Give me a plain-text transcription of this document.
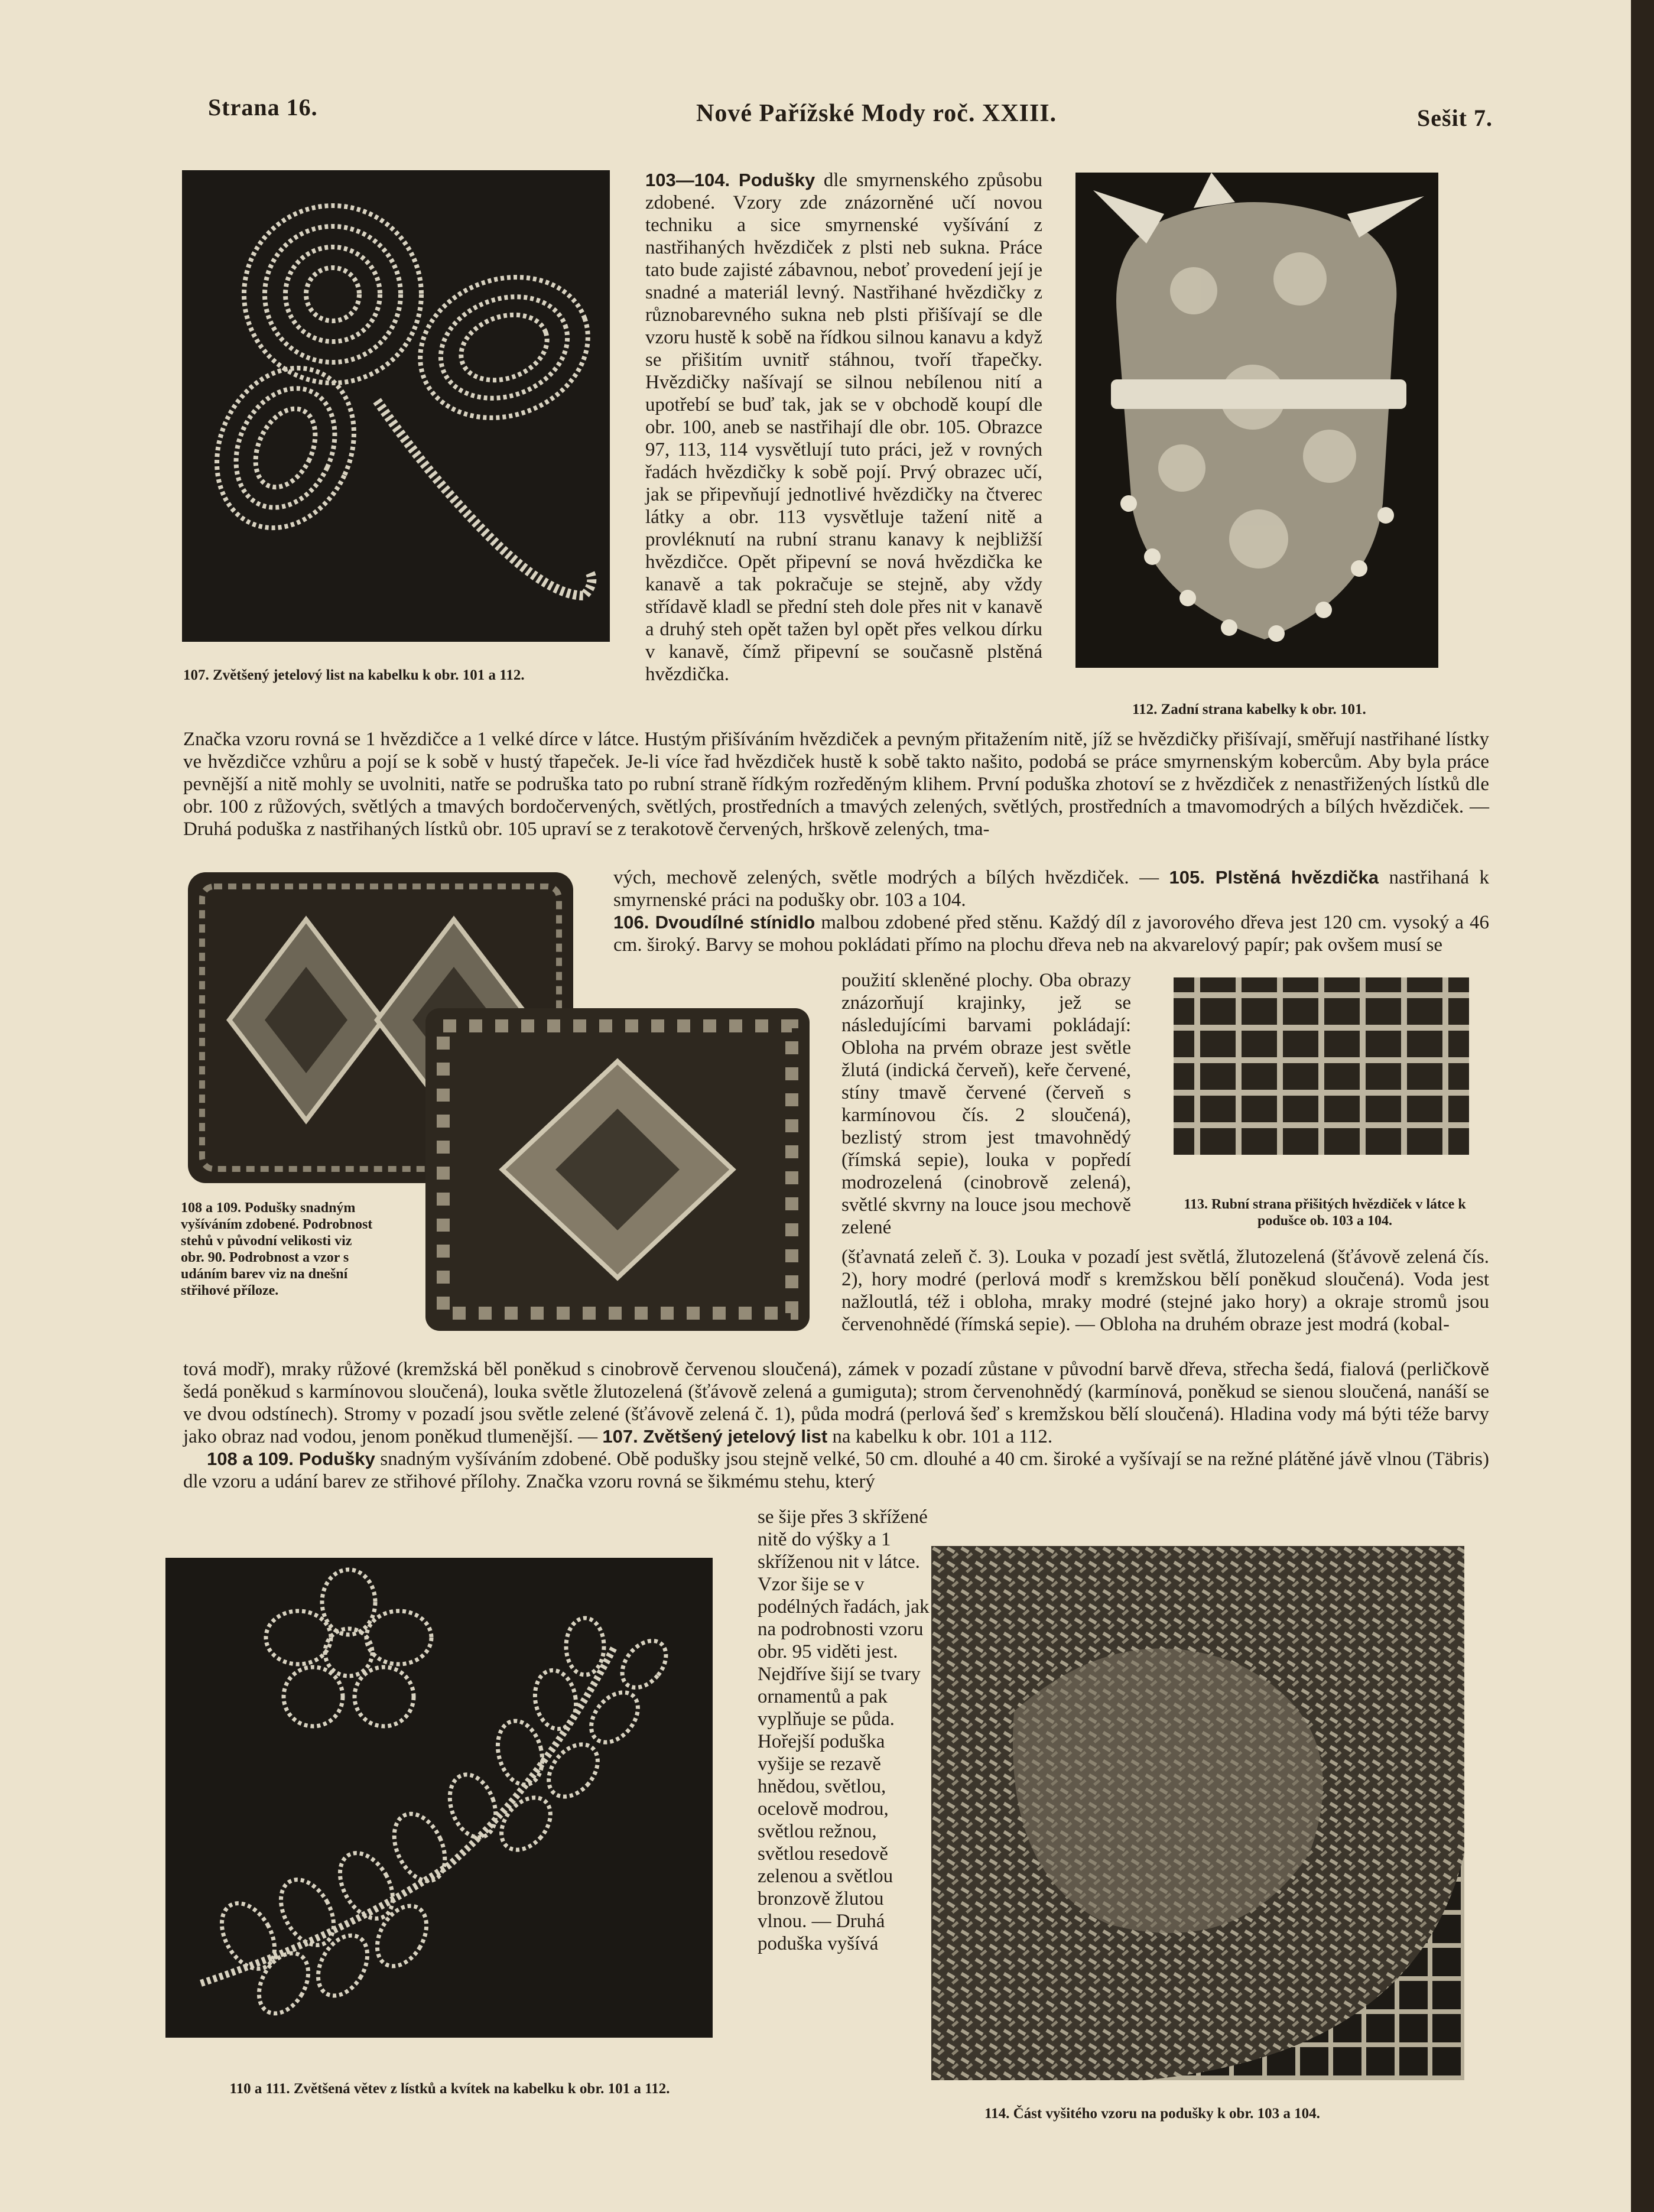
Strana 16.	Nové Pařížské Mody roč. XXIII.	Sešit 7.
107. Zvětšený jetelový list na kabelku k obr. 101 a 112.
112. Zadní strana kabelky k obr. 101.

103—104. Podušky dle smyrnenského způsobu zdobené. Vzory zde znázorněné učí novou techniku a sice smyrnenské vyšívání z nastřihaných hvězdiček z plsti neb sukna. Práce tato bude zajisté zábavnou, neboť provedení její je snadné a materiál levný. Nastřihané hvězdičky z různobarevného sukna neb plsti přišívají se dle vzoru hustě k sobě na řídkou silnou kanavu a když se přišitím uvnitř stáhnou, tvoří třapečky. Hvězdičky našívají se silnou nebílenou nití a upotřebí se buď tak, jak se v obchodě koupí dle obr. 100, aneb se nastřihají dle obr. 105. Obrazce 97, 113, 114 vysvětlují tuto práci, jež v rovných řadách hvězdičky k sobě pojí. Prvý obrazec učí, jak se připevňují jednotlivé hvězdičky na čtverec látky a obr. 113 vysvětluje tažení nitě a provléknutí na rubní stranu kanavy k nejbližší hvězdičce. Opět připevní se nová hvězdička ke kanavě a tak pokračuje se stejně, aby vždy střídavě kladl se přední steh dole přes nit v kanavě a druhý steh opět tažen byl opět přes velkou dírku v kanavě, čímž připevní se současně plstěná hvězdička.

Značka vzoru rovná se 1 hvězdičce a 1 velké dírce v látce. Hustým přišíváním hvězdiček a pevným přitažením nitě, jíž se hvězdičky přišívají, směřují nastřihané lístky ve hvězdičce vzhůru a pojí se k sobě v hustý třapeček. Je-li více řad hvězdiček hustě k sobě takto našito, podobá se práce smyrnenským kobercům. Aby byla práce pevnější a nitě mohly se uvolniti, natře se podruška tato po rubní straně řídkým rozředěným klihem. První poduška zhotoví se z hvězdiček z nenastřižených lístků dle obr. 100 z růžových, světlých a tmavých bordočervených, světlých, prostředních a tmavých zelených, světlých, prostředních a tmavomodrých a bílých hvězdiček. — Druhá poduška z nastřihaných lístků obr. 105 upraví se z terakotově červených, hrškově zelených, tma-

108 a 109. Podušky snadným vyšíváním zdobené. Podrobnost stehů v původní velikosti viz obr. 90. Podrobnost a vzor s udáním barev viz na dnešní střihové příloze.

vých, mechově zelených, světle modrých a bílých hvězdiček. — 105. Plstěná hvězdička nastřihaná k smyrnenské práci na podušky obr. 103 a 104.

106. Dvoudílné stínidlo malbou zdobené před stěnu. Každý díl z javorového dřeva jest 120 cm. vysoký a 46 cm. široký. Barvy se mohou pokládati přímo na plochu dřeva neb na akvarelový papír; pak ovšem musí se

použití skleněné plochy. Oba obrazy znázorňují krajinky, jež se následujícími barvami pokládají: Obloha na prvém obraze jest světle žlutá (indická červeň), keře červené, stíny tmavě červené (červeň s karmínovou čís. 2 sloučená), bezlistý strom jest tmavohnědý (římská sepie), louka v popředí modrozelená (cinobrově zelená), světlé skvrny na louce jsou mechově zelené

113. Rubní strana přišitých hvězdiček v látce k podušce ob. 103 a 104.

(šťavnatá zeleň č. 3). Louka v pozadí jest světlá, žlutozelená (šťávově zelená čís. 2), hory modré (perlová modř s kremžskou bělí poněkud sloučená). Voda jest nažloutlá, též i obloha, mraky modré (stejné jako hory) a okraje stromů jsou červenohnědé (římská sepie). — Obloha na druhém obraze jest modrá (kobal-

tová modř), mraky růžové (kremžská běl poněkud s cinobrově červenou sloučená), zámek v pozadí zůstane v původní barvě dřeva, střecha šedá, fialová (perličkově šedá poněkud s karmínovou sloučená), louka světle žlutozelená (šťávově zelená a gumiguta); strom červenohnědý (karmínová, poněkud se sienou sloučená, nanáší se ve dvou odstínech). Stromy v pozadí jsou světle zelené (šťávově zelená č. 1), půda modrá (perlová šeď s kremžskou bělí sloučená). Hladina vody má býti téže barvy jako obraz nad vodou, jenom poněkud tlumenější. — 107. Zvětšený jetelový list na kabelku k obr. 101 a 112.

108 a 109. Podušky snadným vyšíváním zdobené. Obě podušky jsou stejně velké, 50 cm. dlouhé a 40 cm. široké a vyšívají se na režné plátěné jávě vlnou (Täbris) dle vzoru a udání barev ze střihové přílohy. Značka vzoru rovná se šikmému stehu, který

110 a 111. Zvětšená větev z lístků a kvítek na kabelku k obr. 101 a 112.

se šije přes 3 skřížené nitě do výšky a 1 skříženou nit v látce. Vzor šije se v podélných řadách, jak na podrobnosti vzoru obr. 95 viděti jest. Nejdříve šijí se tvary ornamentů a pak vyplňuje se půda. Hořejší poduška vyšije se rezavě hnědou, světlou, ocelově modrou, světlou režnou, světlou resedově zelenou a světlou bronzově žlutou vlnou. — Druhá poduška vyšívá

114. Část vyšitého vzoru na podušky k obr. 103 a 104.
